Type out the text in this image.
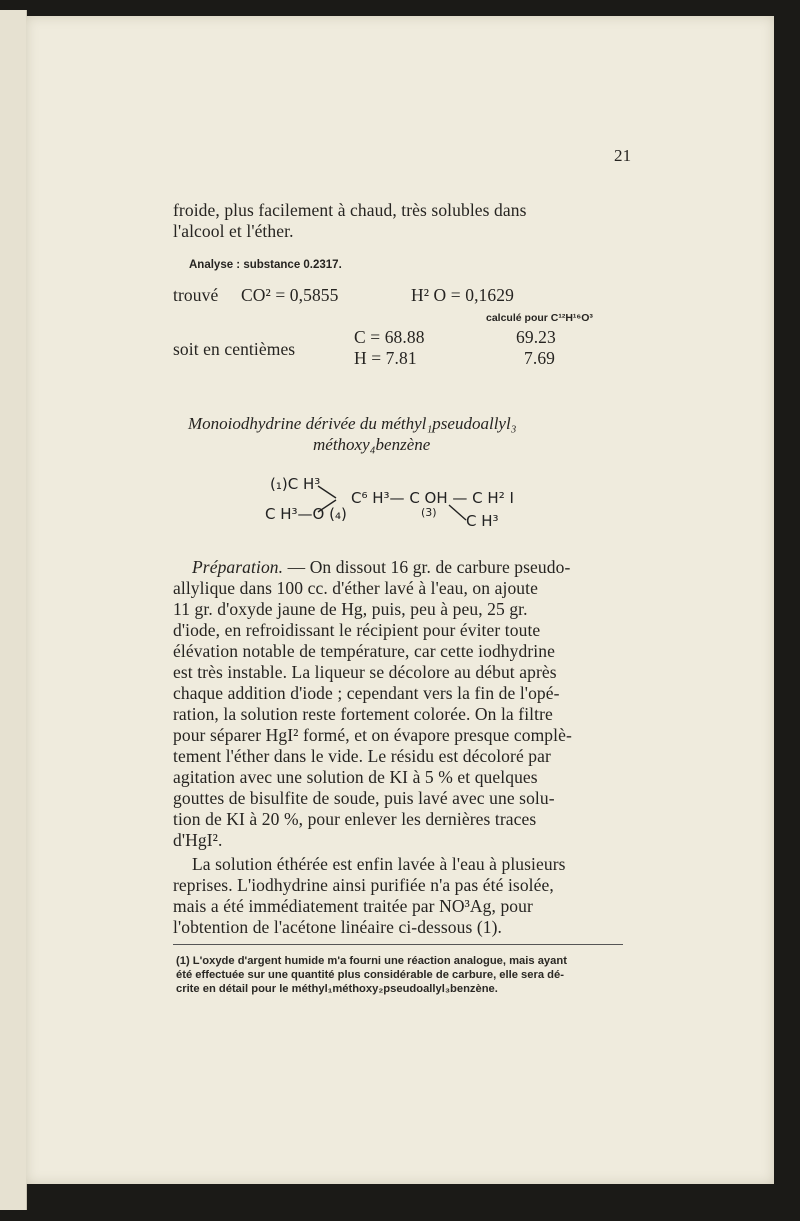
21
froide, plus facilement à chaud, très solubles dans
l'alcool et l'éther.
Analyse : substance 0.2317.
trouvé CO² = 0,5855	H² O = 0,1629
calculé pour C¹²H¹⁶O³
C = 68.88	69.23
soit en centièmes	H = 7.81	7.69
Monoiodhydrine dérivée du méthyl₁pseudoallyl₃
méthoxy₄benzène
(₁)C H³
C H³—O (₄)
C⁶ H³— C OH — C H² I
(3) C H³
Préparation. — On dissout 16 gr. de carbure pseudo-
allylique dans 100 cc. d'éther lavé à l'eau, on ajoute
11 gr. d'oxyde jaune de Hg, puis, peu à peu, 25 gr.
d'iode, en refroidissant le récipient pour éviter toute
élévation notable de température, car cette iodhydrine
est très instable. La liqueur se décolore au début après
chaque addition d'iode ; cependant vers la fin de l'opé-
ration, la solution reste fortement colorée. On la filtre
pour séparer HgI² formé, et on évapore presque complè-
tement l'éther dans le vide. Le résidu est décoloré par
agitation avec une solution de KI à 5 % et quelques
gouttes de bisulfite de soude, puis lavé avec une solu-
tion de KI à 20 %, pour enlever les dernières traces
d'HgI².
La solution éthérée est enfin lavée à l'eau à plusieurs
reprises. L'iodhydrine ainsi purifiée n'a pas été isolée,
mais a été immédiatement traitée par NO³Ag, pour
l'obtention de l'acétone linéaire ci-dessous (1).
(1) L'oxyde d'argent humide m'a fourni une réaction analogue, mais ayant
été effectuée sur une quantité plus considérable de carbure, elle sera dé-
crite en détail pour le méthyl₁méthoxy₂pseudoallyl₃benzène.
